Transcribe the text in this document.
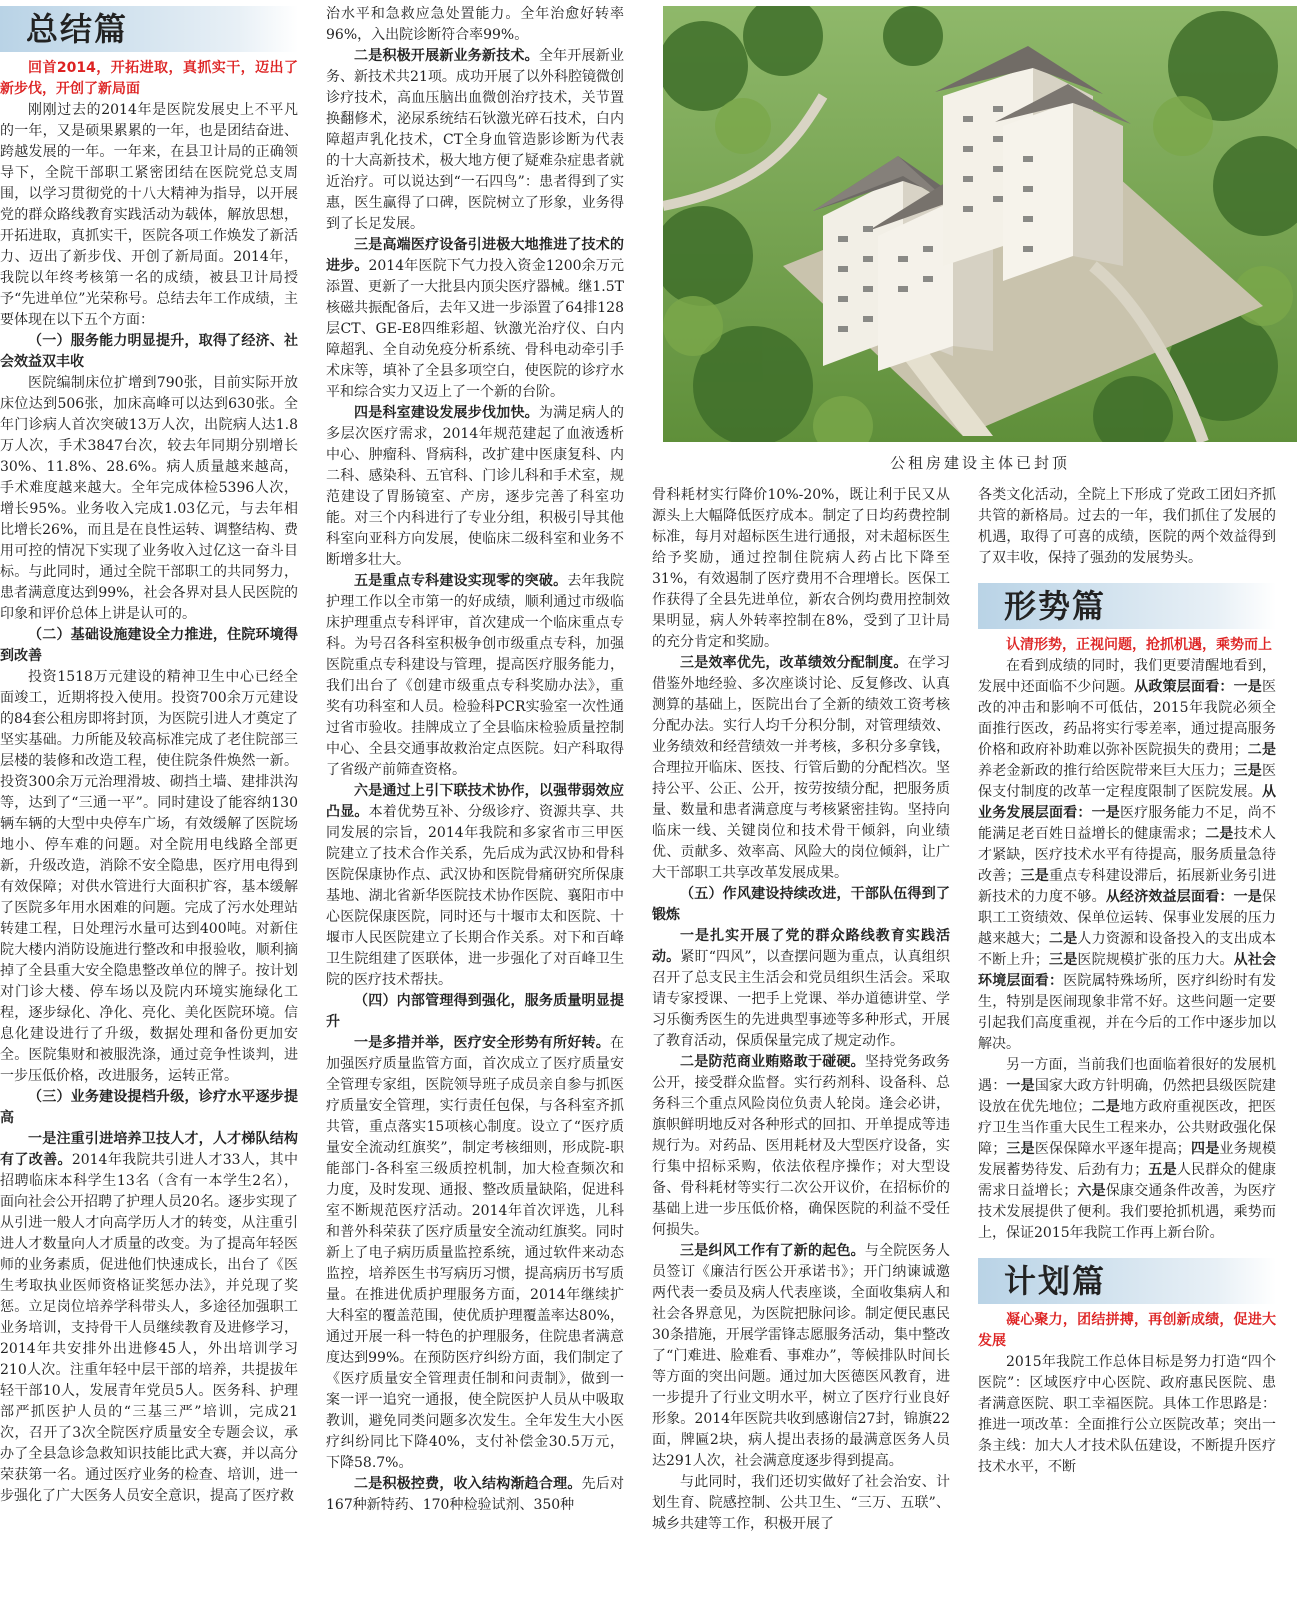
总结篇

回首2014，开拓进取，真抓实干，迈出了新步伐，开创了新局面

刚刚过去的2014年是医院发展史上不平凡的一年，又是硕果累累的一年，也是团结奋进、跨越发展的一年。一年来，在县卫计局的正确领导下，全院干部职工紧密团结在医院党总支周围，以学习贯彻党的十八大精神为指导，以开展党的群众路线教育实践活动为载体，解放思想，开拓进取，真抓实干，医院各项工作焕发了新活力、迈出了新步伐、开创了新局面。2014年，我院以年终考核第一名的成绩，被县卫计局授予“先进单位”光荣称号。总结去年工作成绩，主要体现在以下五个方面：

（一）服务能力明显提升，取得了经济、社会效益双丰收

医院编制床位扩增到790张，目前实际开放床位达到506张，加床高峰可以达到630张。全年门诊病人首次突破13万人次，出院病人达1.8万人次，手术3847台次，较去年同期分别增长30%、11.8%、28.6%。病人质量越来越高，手术难度越来越大。全年完成体检5396人次，增长95%。业务收入完成1.03亿元，与去年相比增长26%，而且是在良性运转、调整结构、费用可控的情况下实现了业务收入过亿这一奋斗目标。与此同时，通过全院干部职工的共同努力，患者满意度达到99%，社会各界对县人民医院的印象和评价总体上讲是认可的。

（二）基础设施建设全力推进，住院环境得到改善

投资1518万元建设的精神卫生中心已经全面竣工，近期将投入使用。投资700余万元建设的84套公租房即将封顶，为医院引进人才奠定了坚实基础。力所能及较高标准完成了老住院部三层楼的装修和改造工程，使住院条件焕然一新。投资300余万元治理滑坡、砌挡土墙、建排洪沟等，达到了“三通一平”。同时建设了能容纳130辆车辆的大型中央停车广场，有效缓解了医院场地小、停车难的问题。对全院用电线路全部更新，升级改造，消除不安全隐患，医疗用电得到有效保障；对供水管进行大面积扩容，基本缓解了医院多年用水困难的问题。完成了污水处理站转建工程，日处理污水量可达到400吨。对新住院大楼内消防设施进行整改和申报验收，顺利摘掉了全县重大安全隐患整改单位的牌子。按计划对门诊大楼、停车场以及院内环境实施绿化工程，逐步绿化、净化、亮化、美化医院环境。信息化建设进行了升级，数据处理和备份更加安全。医院集财和被服洗涤，通过竞争性谈判，进一步压低价格，改进服务，运转正常。

（三）业务建设提档升级，诊疗水平逐步提高

一是注重引进培养卫技人才，人才梯队结构有了改善。2014年我院共引进人才33人，其中招聘临床本科学生13名（含有一本学生2名），面向社会公开招聘了护理人员20名。逐步实现了从引进一般人才向高学历人才的转变，从注重引进人才数量向人才质量的改变。为了提高年轻医师的业务素质，促进他们快速成长，出台了《医生考取执业医师资格证奖惩办法》，并兑现了奖惩。立足岗位培养学科带头人，多途径加强职工业务培训，支持骨干人员继续教育及进修学习，2014年共安排外出进修45人，外出培训学习210人次。注重年轻中层干部的培养，共提拔年轻干部10人，发展青年党员5人。医务科、护理部严抓医护人员的“三基三严”培训，完成21次，召开了3次全院医疗质量安全专题会议，承办了全县急诊急救知识技能比武大赛，并以高分荣获第一名。通过医疗业务的检查、培训，进一步强化了广大医务人员安全意识，提高了医疗救

治水平和急救应急处置能力。全年治愈好转率96%，入出院诊断符合率99%。

二是积极开展新业务新技术。全年开展新业务、新技术共21项。成功开展了以外科腔镜微创诊疗技术，高血压脑出血微创治疗技术，关节置换翻修术，泌尿系统结石钬激光碎石技术，白内障超声乳化技术，CT全身血管造影诊断为代表的十大高新技术，极大地方便了疑难杂症患者就近治疗。可以说达到“一石四鸟”：患者得到了实惠，医生赢得了口碑，医院树立了形象，业务得到了长足发展。

三是高端医疗设备引进极大地推进了技术的进步。2014年医院下气力投入资金1200余万元添置、更新了一大批县内顶尖医疗器械。继1.5T核磁共振配备后，去年又进一步添置了64排128层CT、GE-E8四维彩超、钬激光治疗仪、白内障超乳、全自动免疫分析系统、骨科电动牵引手术床等，填补了全县多项空白，使医院的诊疗水平和综合实力又迈上了一个新的台阶。

四是科室建设发展步伐加快。为满足病人的多层次医疗需求，2014年规范建起了血液透析中心、肿瘤科、肾病科，改扩建中医康复科、内二科、感染科、五官科、门诊儿科和手术室，规范建设了胃肠镜室、产房，逐步完善了科室功能。对三个内科进行了专业分组，积极引导其他科室向亚科方向发展，使临床二级科室和业务不断增多壮大。

五是重点专科建设实现零的突破。去年我院护理工作以全市第一的好成绩，顺利通过市级临床护理重点专科评审，首次建成一个临床重点专科。为号召各科室积极争创市级重点专科，加强医院重点专科建设与管理，提高医疗服务能力，我们出台了《创建市级重点专科奖励办法》，重奖有功科室和人员。检验科PCR实验室一次性通过省市验收。挂牌成立了全县临床检验质量控制中心、全县交通事故救治定点医院。妇产科取得了省级产前筛查资格。

六是通过上引下联技术协作，以强带弱效应凸显。本着优势互补、分级诊疗、资源共享、共同发展的宗旨，2014年我院和多家省市三甲医院建立了技术合作关系，先后成为武汉协和骨科医院保康协作点、武汉协和医院骨痛研究所保康基地、湖北省新华医院技术协作医院、襄阳市中心医院保康医院，同时还与十堰市太和医院、十堰市人民医院建立了长期合作关系。对下和百峰卫生院组建了医联体，进一步强化了对百峰卫生院的医疗技术帮扶。

（四）内部管理得到强化，服务质量明显提升

一是多措并举，医疗安全形势有所好转。在加强医疗质量监管方面，首次成立了医疗质量安全管理专家组，医院领导班子成员亲自参与抓医疗质量安全管理，实行责任包保，与各科室齐抓共管，重点落实15项核心制度。设立了“医疗质量安全流动红旗奖”，制定考核细则，形成院-职能部门-各科室三级质控机制，加大检查频次和力度，及时发现、通报、整改质量缺陷，促进科室不断规范医疗活动。2014年首次评选，儿科和普外科荣获了医疗质量安全流动红旗奖。同时新上了电子病历质量监控系统，通过软件来动态监控，培养医生书写病历习惯，提高病历书写质量。在推进优质护理服务方面，2014年继续扩大科室的覆盖范围，使优质护理覆盖率达80%，通过开展一科一特色的护理服务，住院患者满意度达到99%。在预防医疗纠纷方面，我们制定了《医疗质量安全管理责任制和问责制》，做到一案一评一追究一通报，使全院医护人员从中吸取教训，避免同类问题多次发生。全年发生大小医疗纠纷同比下降40%，支付补偿金30.5万元，下降58.7%。

二是积极控费，收入结构渐趋合理。先后对167种新特药、170种检验试剂、350种

公租房建设主体已封顶

骨科耗材实行降价10%-20%，既让利于民又从源头上大幅降低医疗成本。制定了日均药费控制标准，每月对超标医生进行通报，对未超标医生给予奖励，通过控制住院病人药占比下降至31%，有效遏制了医疗费用不合理增长。医保工作获得了全县先进单位，新农合例均费用控制效果明显，病人外转率控制在8%，受到了卫计局的充分肯定和奖励。

三是效率优先，改革绩效分配制度。在学习借鉴外地经验、多次座谈讨论、反复修改、认真测算的基础上，医院出台了全新的绩效工资考核分配办法。实行人均千分积分制，对管理绩效、业务绩效和经营绩效一并考核，多积分多拿钱，合理拉开临床、医技、行管后勤的分配档次。坚持公平、公正、公开，按劳按绩分配，把服务质量、数量和患者满意度与考核紧密挂钩。坚持向临床一线、关键岗位和技术骨干倾斜，向业绩优、贡献多、效率高、风险大的岗位倾斜，让广大干部职工共享改革发展成果。

（五）作风建设持续改进，干部队伍得到了锻炼

一是扎实开展了党的群众路线教育实践活动。紧盯“四风”，以查摆问题为重点，认真组织召开了总支民主生活会和党员组织生活会。采取请专家授课、一把手上党课、举办道德讲堂、学习乐衡秀医生的先进典型事迹等多种形式，开展了教育活动，保质保量完成了规定动作。

二是防范商业贿赂敢于碰硬。坚持党务政务公开，接受群众监督。实行药剂科、设备科、总务科三个重点风险岗位负责人轮岗。逢会必讲，旗帜鲜明地反对各种形式的回扣、开单提成等违规行为。对药品、医用耗材及大型医疗设备，实行集中招标采购，依法依程序操作；对大型设备、骨科耗材等实行二次公开议价，在招标价的基础上进一步压低价格，确保医院的利益不受任何损失。

三是纠风工作有了新的起色。与全院医务人员签订《廉洁行医公开承诺书》；开门纳谏诚邀两代表一委员及病人代表座谈，全面收集病人和社会各界意见，为医院把脉问诊。制定便民惠民30条措施，开展学雷锋志愿服务活动，集中整改了“门难进、脸难看、事难办”，等候排队时间长等方面的突出问题。通过加大医德医风教育，进一步提升了行业文明水平，树立了医疗行业良好形象。2014年医院共收到感谢信27封，锦旗22面，牌匾2块，病人提出表扬的最满意医务人员达291人次，社会满意度逐步得到提高。

与此同时，我们还切实做好了社会治安、计划生育、院感控制、公共卫生、“三万、五联”、城乡共建等工作，积极开展了

各类文化活动，全院上下形成了党政工团妇齐抓共管的新格局。过去的一年，我们抓住了发展的机遇，取得了可喜的成绩，医院的两个效益得到了双丰收，保持了强劲的发展势头。

形势篇

认清形势，正视问题，抢抓机遇，乘势而上

在看到成绩的同时，我们更要清醒地看到，发展中还面临不少问题。从政策层面看：一是医改的冲击和影响不可低估，2015年我院必须全面推行医改，药品将实行零差率，通过提高服务价格和政府补助难以弥补医院损失的费用；二是养老金新政的推行给医院带来巨大压力；三是医保支付制度的改革一定程度限制了医院发展。从业务发展层面看：一是医疗服务能力不足，尚不能满足老百姓日益增长的健康需求；二是技术人才紧缺，医疗技术水平有待提高，服务质量急待改善；三是重点专科建设滞后，拓展新业务引进新技术的力度不够。从经济效益层面看：一是保职工工资绩效、保单位运转、保事业发展的压力越来越大；二是人力资源和设备投入的支出成本不断上升；三是医院规模扩张的压力大。从社会环境层面看：医院属特殊场所，医疗纠纷时有发生，特别是医闹现象非常不好。这些问题一定要引起我们高度重视，并在今后的工作中逐步加以解决。

另一方面，当前我们也面临着很好的发展机遇：一是国家大政方针明确，仍然把县级医院建设放在优先地位；二是地方政府重视医改，把医疗卫生当作重大民生工程来办，公共财政强化保障；三是医保保障水平逐年提高；四是业务规模发展蓄势待发、后劲有力；五是人民群众的健康需求日益增长；六是保康交通条件改善，为医疗技术发展提供了便利。我们要抢抓机遇，乘势而上，保证2015年我院工作再上新台阶。

计划篇

凝心聚力，团结拼搏，再创新成绩，促进大发展

2015年我院工作总体目标是努力打造“四个医院”：区域医疗中心医院、政府惠民医院、患者满意医院、职工幸福医院。具体工作思路是：推进一项改革：全面推行公立医院改革；突出一条主线：加大人才技术队伍建设，不断提升医疗技术水平，不断
